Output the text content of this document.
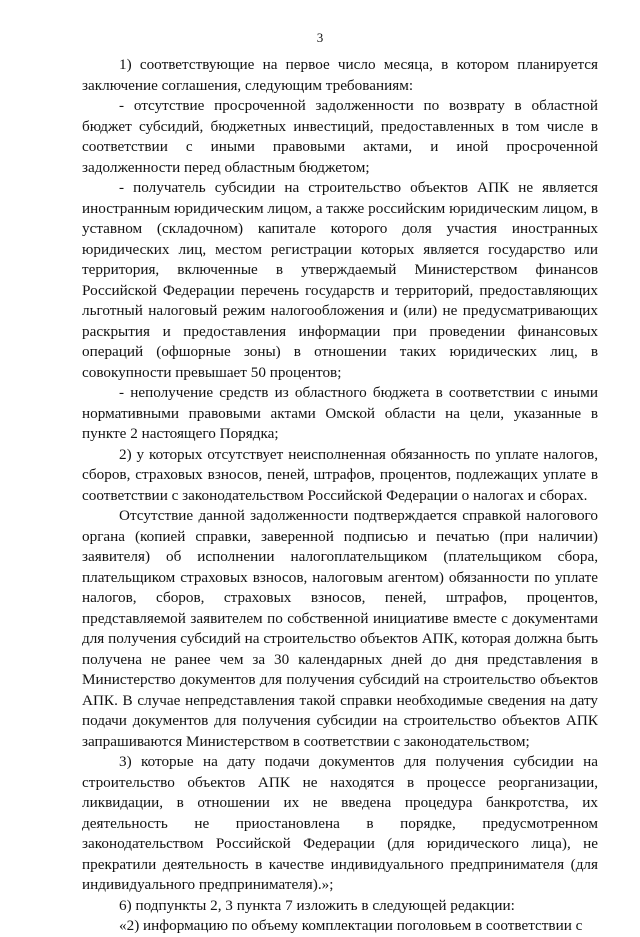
3

1) соответствующие на первое число месяца, в котором планируется заключение соглашения, следующим требованиям:

- отсутствие просроченной задолженности по возврату в областной бюджет субсидий, бюджетных инвестиций, предоставленных в том числе в соответствии с иными правовыми актами, и иной просроченной задолженности перед областным бюджетом;

- получатель субсидии на строительство объектов АПК не является иностранным юридическим лицом, а также российским юридическим лицом, в уставном (складочном) капитале которого доля участия иностранных юридических лиц, местом регистрации которых является государство или территория, включенные в утверждаемый Министерством финансов Российской Федерации перечень государств и территорий, предоставляющих льготный налоговый режим налогообложения и (или) не предусматривающих раскрытия и предоставления информации при проведении финансовых операций (офшорные зоны) в отношении таких юридических лиц, в совокупности превышает 50 процентов;

- неполучение средств из областного бюджета в соответствии с иными нормативными правовыми актами Омской области на цели, указанные в пункте 2 настоящего Порядка;

2) у которых отсутствует неисполненная обязанность по уплате налогов, сборов, страховых взносов, пеней, штрафов, процентов, подлежащих уплате в соответствии с законодательством Российской Федерации о налогах и сборах.

Отсутствие данной задолженности подтверждается справкой налогового органа (копией справки, заверенной подписью и печатью (при наличии) заявителя) об исполнении налогоплательщиком (плательщиком сбора, плательщиком страховых взносов, налоговым агентом) обязанности по уплате налогов, сборов, страховых взносов, пеней, штрафов, процентов, представляемой заявителем по собственной инициативе вместе с документами для получения субсидий на строительство объектов АПК, которая должна быть получена не ранее чем за 30 календарных дней до дня представления в Министерство документов для получения субсидий на строительство объектов АПК. В случае непредставления такой справки необходимые сведения на дату подачи документов для получения субсидии на строительство объектов АПК запрашиваются Министерством в соответствии с законодательством;

3) которые на дату подачи документов для получения субсидии на строительство объектов АПК не находятся в процессе реорганизации, ликвидации, в отношении их не введена процедура банкротства, их деятельность не приостановлена в порядке, предусмотренном законодательством Российской Федерации (для юридического лица), не прекратили деятельность в качестве индивидуального предпринимателя (для индивидуального предпринимателя).»;

6) подпункты 2, 3 пункта 7 изложить в следующей редакции:

«2) информацию по объему комплектации поголовьем в соответствии с
